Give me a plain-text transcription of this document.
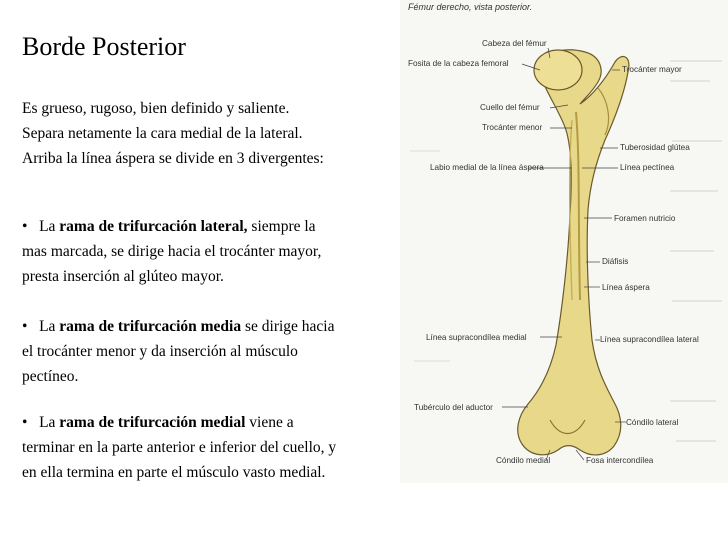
Borde Posterior
Es grueso, rugoso, bien definido y saliente.
Separa netamente la cara medial de la lateral.
Arriba la línea áspera se divide en 3 divergentes:
• La rama de trifurcación lateral, siempre la
mas marcada, se dirige hacia el trocánter mayor,
presta inserción al glúteo mayor.
• La rama de trifurcación media se dirige hacia
el trocánter menor y da inserción al músculo
pectíneo.
• La rama de trifurcación medial viene a
terminar en la parte anterior e inferior del cuello, y
en ella termina en parte el músculo vasto medial.
Fémur derecho, vista posterior.
Cabeza del fémur
Fosita de la cabeza femoral
Trocánter mayor
Cuello del fémur
Trocánter menor
Tuberosidad glútea
Labio medial de la línea áspera	Línea pectínea
Foramen nutricio
Diáfisis
Línea áspera
Línea supracondílea medial	Línea supracondílea lateral
Tubérculo del aductor
Cóndilo lateral
Cóndilo medial	Fosa intercondílea
